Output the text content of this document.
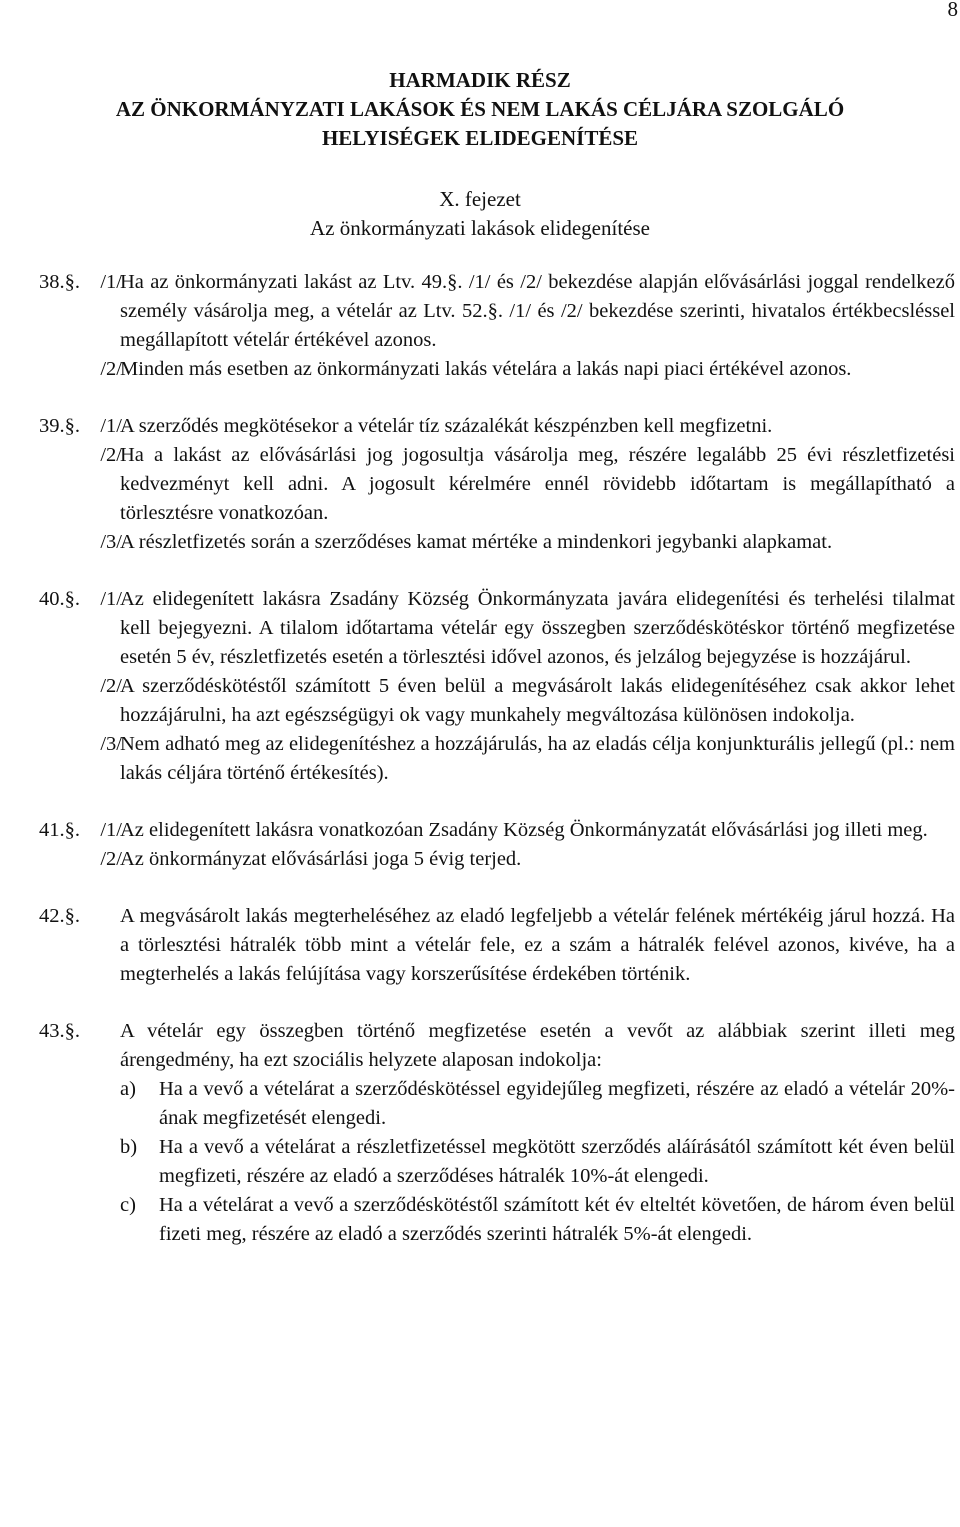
8
HARMADIK RÉSZ
AZ ÖNKORMÁNYZATI LAKÁSOK ÉS NEM LAKÁS CÉLJÁRA SZOLGÁLÓ
HELYISÉGEK ELIDEGENÍTÉSE
X. fejezet
Az önkormányzati lakások elidegenítése
38.§. /1/
Ha az önkormányzati lakást az Ltv. 49.§. /1/ és /2/ bekezdése alapján elővásárlási joggal rendelkező személy vásárolja meg, a vételár az Ltv. 52.§. /1/ és /2/ bekezdése szerinti, hivatalos értékbecsléssel megállapított vételár értékével azonos.
/2/
Minden más esetben az önkormányzati lakás vételára a lakás napi piaci értékével azonos.
39.§. /1/
A szerződés megkötésekor a vételár tíz százalékát készpénzben kell megfizetni.
/2/
Ha a lakást az elővásárlási jog jogosultja vásárolja meg, részére legalább 25 évi részletfizetési kedvezményt kell adni. A jogosult kérelmére ennél rövidebb időtartam is megállapítható a törlesztésre vonatkozóan.
/3/
A részletfizetés során a szerződéses kamat mértéke a mindenkori jegybanki alapkamat.
40.§. /1/
Az elidegenített lakásra Zsadány Község Önkormányzata javára elidegenítési és terhelési tilalmat kell bejegyezni. A tilalom időtartama vételár egy összegben szerződéskötéskor történő megfizetése esetén 5 év, részletfizetés esetén a törlesztési idővel azonos, és jelzálog bejegyzése is hozzájárul.
/2/
A szerződéskötéstől számított 5 éven belül a megvásárolt lakás elidegenítéséhez csak akkor lehet hozzájárulni, ha azt egészségügyi ok vagy munkahely megváltozása különösen indokolja.
/3/
Nem adható meg az elidegenítéshez a hozzájárulás, ha az eladás célja konjunkturális jellegű (pl.: nem lakás céljára történő értékesítés).
41.§. /1/
Az elidegenített lakásra vonatkozóan Zsadány Község Önkormányzatát elővásárlási jog illeti meg.
/2/
Az önkormányzat elővásárlási joga 5 évig terjed.
42.§. A megvásárolt lakás megterheléséhez az eladó legfeljebb a vételár felének mértékéig járul hozzá. Ha a törlesztési hátralék több mint a vételár fele, ez a szám a hátralék felével azonos, kivéve, ha a megterhelés a lakás felújítása vagy korszerűsítése érdekében történik.
43.§. A vételár egy összegben történő megfizetése esetén a vevőt az alábbiak szerint illeti meg árengedmény, ha ezt szociális helyzete alaposan indokolja:
a) Ha a vevő a vételárat a szerződéskötéssel egyidejűleg megfizeti, részére az eladó a vételár 20%-ának megfizetését elengedi.
b) Ha a vevő a vételárat a részletfizetéssel megkötött szerződés aláírásától számított két éven belül megfizeti, részére az eladó a szerződéses hátralék 10%-át elengedi.
c) Ha a vételárat a vevő a szerződéskötéstől számított két év elteltét követően, de három éven belül fizeti meg, részére az eladó a szerződés szerinti hátralék 5%-át elengedi.
